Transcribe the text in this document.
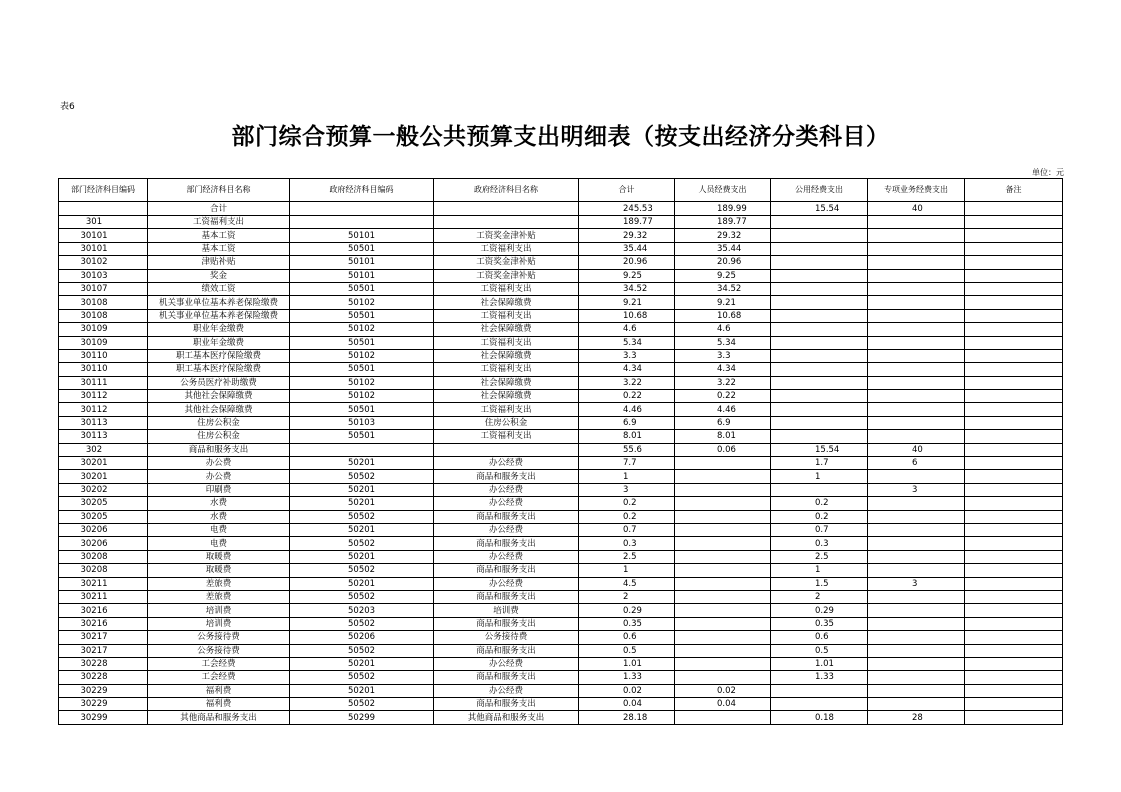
表6
部门综合预算一般公共预算支出明细表（按支出经济分类科目）
单位：元
部门经济科目编码	部门经济科目名称	政府经济科目编码	政府经济科目名称	合计	人员经费支出	公用经费支出	专项业务经费支出	备注
	合计			245.53	189.99	15.54	40	
301	工资福利支出			189.77	189.77			
30101	基本工资	50101	工资奖金津补贴	29.32	29.32			
30101	基本工资	50501	工资福利支出	35.44	35.44			
30102	津贴补贴	50101	工资奖金津补贴	20.96	20.96			
30103	奖金	50101	工资奖金津补贴	9.25	9.25			
30107	绩效工资	50501	工资福利支出	34.52	34.52			
30108	机关事业单位基本养老保险缴费	50102	社会保障缴费	9.21	9.21			
30108	机关事业单位基本养老保险缴费	50501	工资福利支出	10.68	10.68			
30109	职业年金缴费	50102	社会保障缴费	4.6	4.6			
30109	职业年金缴费	50501	工资福利支出	5.34	5.34			
30110	职工基本医疗保险缴费	50102	社会保障缴费	3.3	3.3			
30110	职工基本医疗保险缴费	50501	工资福利支出	4.34	4.34			
30111	公务员医疗补助缴费	50102	社会保障缴费	3.22	3.22			
30112	其他社会保障缴费	50102	社会保障缴费	0.22	0.22			
30112	其他社会保障缴费	50501	工资福利支出	4.46	4.46			
30113	住房公积金	50103	住房公积金	6.9	6.9			
30113	住房公积金	50501	工资福利支出	8.01	8.01			
302	商品和服务支出			55.6	0.06	15.54	40	
30201	办公费	50201	办公经费	7.7		1.7	6	
30201	办公费	50502	商品和服务支出	1		1		
30202	印刷费	50201	办公经费	3			3	
30205	水费	50201	办公经费	0.2		0.2		
30205	水费	50502	商品和服务支出	0.2		0.2		
30206	电费	50201	办公经费	0.7		0.7		
30206	电费	50502	商品和服务支出	0.3		0.3		
30208	取暖费	50201	办公经费	2.5		2.5		
30208	取暖费	50502	商品和服务支出	1		1		
30211	差旅费	50201	办公经费	4.5		1.5	3	
30211	差旅费	50502	商品和服务支出	2		2		
30216	培训费	50203	培训费	0.29		0.29		
30216	培训费	50502	商品和服务支出	0.35		0.35		
30217	公务接待费	50206	公务接待费	0.6		0.6		
30217	公务接待费	50502	商品和服务支出	0.5		0.5		
30228	工会经费	50201	办公经费	1.01		1.01		
30228	工会经费	50502	商品和服务支出	1.33		1.33		
30229	福利费	50201	办公经费	0.02	0.02			
30229	福利费	50502	商品和服务支出	0.04	0.04			
30299	其他商品和服务支出	50299	其他商品和服务支出	28.18		0.18	28	
